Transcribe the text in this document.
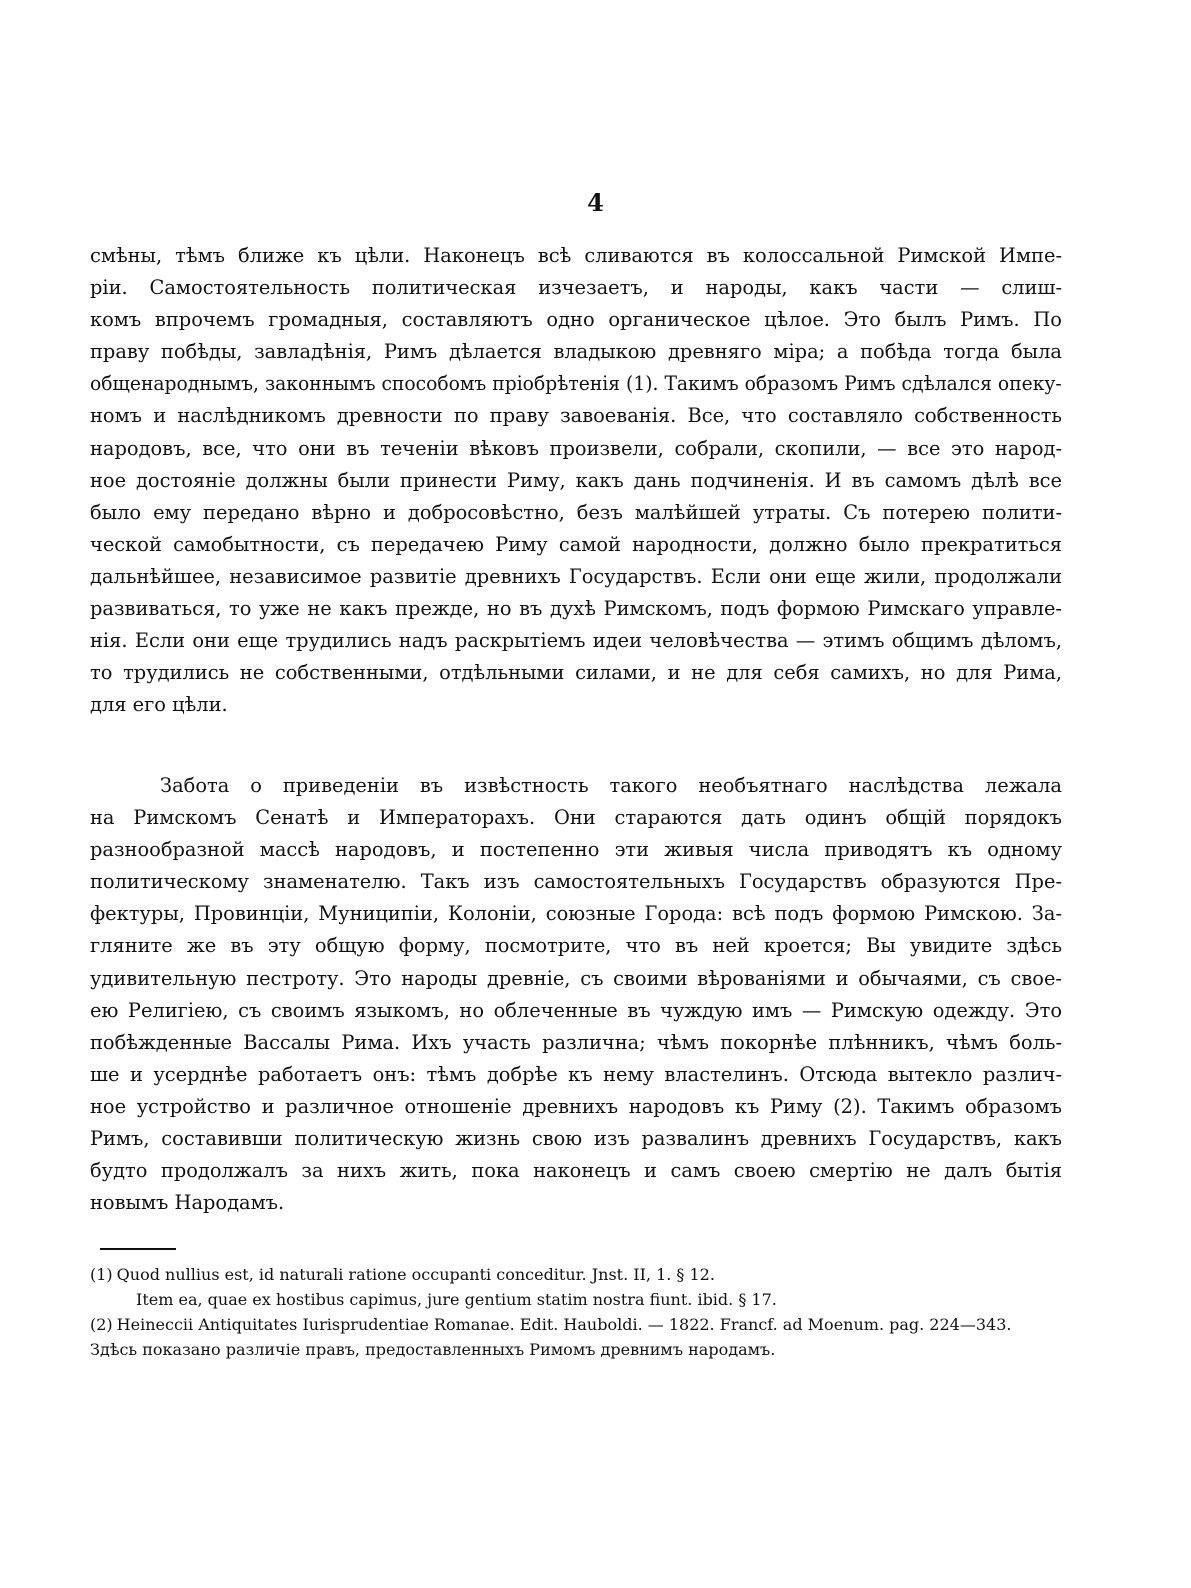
4
смѣны, тѣмъ ближе къ цѣли. Наконецъ всѣ сливаются въ колоссальной Римской Импе-
ріи. Самостоятельность политическая изчезаетъ, и народы, какъ части — слиш-
комъ впрочемъ громадныя, составляютъ одно органическое цѣлое. Это былъ Римъ. По
праву побѣды, завладѣнія, Римъ дѣлается владыкою древняго міра; а побѣда тогда была
общенароднымъ, законнымъ способомъ пріобрѣтенія (1). Такимъ образомъ Римъ сдѣлался опеку-
номъ и наслѣдникомъ древности по праву завоеванія. Все, что составляло собственность
народовъ, все, что они въ теченіи вѣковъ произвели, собрали, скопили, — все это народ-
ное достояніе должны были принести Риму, какъ дань подчиненія. И въ самомъ дѣлѣ все
было ему передано вѣрно и добросовѣстно, безъ малѣйшей утраты. Съ потерею полити-
ческой самобытности, съ передачею Риму самой народности, должно было прекратиться
дальнѣйшее, независимое развитіе древнихъ Государствъ. Если они еще жили, продолжали
развиваться, то уже не какъ прежде, но въ духѣ Римскомъ, подъ формою Римскаго управле-
нія. Если они еще трудились надъ раскрытіемъ идеи человѣчества — этимъ общимъ дѣломъ,
то трудились не собственными, отдѣльными силами, и не для себя самихъ, но для Рима,
для его цѣли.
Забота о приведеніи въ извѣстность такого необъятнаго наслѣдства лежала
на Римскомъ Сенатѣ и Императорахъ. Они стараются дать одинъ общій порядокъ
разнообразной массѣ народовъ, и постепенно эти живыя числа приводятъ къ одному
политическому знаменателю. Такъ изъ самостоятельныхъ Государствъ образуются Пре-
фектуры, Провинціи, Муниципіи, Колоніи, союзные Города: всѣ подъ формою Римскою. За-
гляните же въ эту общую форму, посмотрите, что въ ней кроется; Вы увидите здѣсь
удивительную пестроту. Это народы древніе, съ своими вѣрованіями и обычаями, съ свое-
ею Религіею, съ своимъ языкомъ, но облеченные въ чуждую имъ — Римскую одежду. Это
побѣжденные Вассалы Рима. Ихъ участь различна; чѣмъ покорнѣе плѣнникъ, чѣмъ боль-
ше и усерднѣе работаетъ онъ: тѣмъ добрѣе къ нему властелинъ. Отсюда вытекло различ-
ное устройство и различное отношеніе древнихъ народовъ къ Риму (2). Такимъ образомъ
Римъ, составивши политическую жизнь свою изъ развалинъ древнихъ Государствъ, какъ
будто продолжалъ за нихъ жить, пока наконецъ и самъ своею смертію не далъ бытія
новымъ Народамъ.
(1) Quod nullius est, id naturali ratione occupanti conceditur. Jnst. II, 1. § 12.
Item ea, quae ex hostibus capimus, jure gentium statim nostra fiunt. ibid. § 17.
(2) Heineccii Antiquitates Iurisprudentiae Romanae. Edit. Hauboldi. — 1822. Francf. ad Moenum. pag. 224—343.
Здѣсь показано различіе правъ, предоставленныхъ Римомъ древнимъ народамъ.
